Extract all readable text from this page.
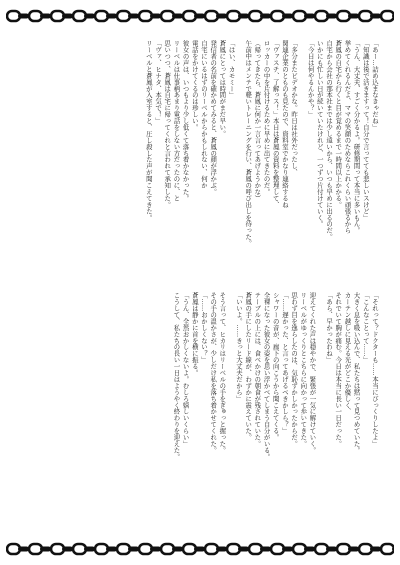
「あー…詰め込まなきゃだね」
「知識は後で活きますって！自分で言ってても悲しいスけど」
「うん、大丈夫、すごく分かるよ。研修期間って本当に多いもん。
挙めてくれるんだよ、ママの笑顔のためならこれくらい頑張るから
蒼鳳の自宅から行くと目が覚めるまで一時間以上かかる。
自宅から会社の那本社までは少し遠いから、いつも早めに出るのだ。
いかにも忙しい日が続いていたけれど、一つずつ片付けていく。
「今日は何やるんかや？」
「多分またビデオかな。昨日は社外だったし、
関連企業のとものも見たので、資料室でかなり連絡するね
「ヴァスチ、了解っス！」本日は蒼鳳の資料を整理して、
ロッカーの中を片付けるために早めに出てきたのだ。
（帰ってきたら、蒼鳳に何か一言言ってあげようかな）
午前中はメンテで軽いトレーニングを行い、蒼鳳の呼び出しを待った。
「はい、カモミー」
蒼鳳にとっては時間がまだ早い。
発信者の名前を確かめてみると、蒼鳳の顔が浮かぶ。
自宅にいるはずのリーベルからかもしれない、何か
電話をかけてくるのは珍しい。
彼女の声は、いつもより少し低くて落ち着かなかった。
リーベルは仕事柄あまり電話をしない方だったのに、と
思いつつ、蒼鳳は自宅に帰ってくれと言われて承知した。
「ヴァ、ヒナタ、本気で！」
リーベルと蒼鳳が入室すると、圧し殺した声が聞こえてきた。
「それって？ドクターも……本当にびっくりしたよ」
「こんなことって……」
大きく息を吸い込んで、私たちは黙って見つめていた。
カーテン越しに見える光がどこか優しく、
それでいて胸が痛む。今日は本当に長い一日だった。
「あら、早かったわね」
迎えてくれた声は穏やかで、緊張が一気に解けていく。
リーベルがゆっくりとこちらに向かって歩いてきた。
思わず目を逸らしたのは、気恥ずかしかったからだ。
「……遅かった、と言ってあげるべきかしら？」
シャワーの音が、廊下の向こうから聞こえてくる。
全裸になった彼女の姿を思い浮かべてしまう自分がいる。
テーブルの上には、食べかけの朝食が残されていた。
蒼鳳の手にしたリード線が、わずかに震えていた。
「いいよ。……きっと大丈夫だから」
そう言って、ヒカリはリーベルの手をぎゅっと握った。
その手の温かさが、少しだけ私を落ち着かせてくれた。
「……おかしくない？」
蒼鳳は静かに首を横に振る。
「うん、全然おかしくないよ。むしろ嬉しいくらい」
こうして、私たちの長い一日はようやく終わりを迎えた。
